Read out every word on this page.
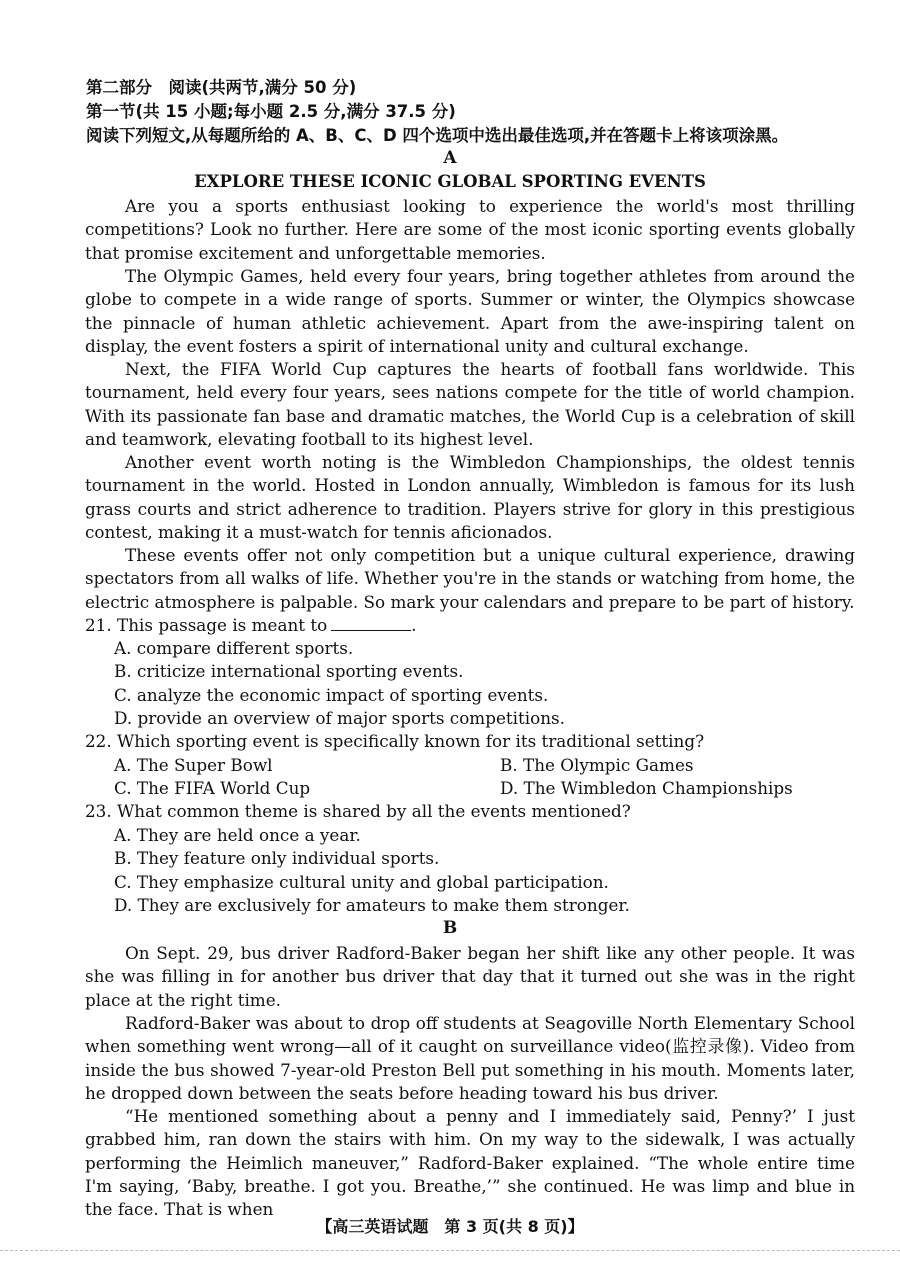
第二部分　阅读(共两节,满分 50 分)
第一节(共 15 小题;每小题 2.5 分,满分 37.5 分)
阅读下列短文,从每题所给的 A、B、C、D 四个选项中选出最佳选项,并在答题卡上将该项涂黑。
A
EXPLORE THESE ICONIC GLOBAL SPORTING EVENTS
Are you a sports enthusiast looking to experience the world's most thrilling competitions? Look no further. Here are some of the most iconic sporting events globally that promise excitement and unforgettable memories.
The Olympic Games, held every four years, bring together athletes from around the globe to compete in a wide range of sports. Summer or winter, the Olympics showcase the pinnacle of human athletic achievement. Apart from the awe-inspiring talent on display, the event fosters a spirit of international unity and cultural exchange.
Next, the FIFA World Cup captures the hearts of football fans worldwide. This tournament, held every four years, sees nations compete for the title of world champion. With its passionate fan base and dramatic matches, the World Cup is a celebration of skill and teamwork, elevating football to its highest level.
Another event worth noting is the Wimbledon Championships, the oldest tennis tournament in the world. Hosted in London annually, Wimbledon is famous for its lush grass courts and strict adherence to tradition. Players strive for glory in this prestigious contest, making it a must-watch for tennis aficionados.
These events offer not only competition but a unique cultural experience, drawing spectators from all walks of life. Whether you're in the stands or watching from home, the electric atmosphere is palpable. So mark your calendars and prepare to be part of history.
21. This passage is meant to	.
A. compare different sports.
B. criticize international sporting events.
C. analyze the economic impact of sporting events.
D. provide an overview of major sports competitions.
22. Which sporting event is specifically known for its traditional setting?
A. The Super Bowl	B. The Olympic Games
C. The FIFA World Cup	D. The Wimbledon Championships
23. What common theme is shared by all the events mentioned?
A. They are held once a year.
B. They feature only individual sports.
C. They emphasize cultural unity and global participation.
D. They are exclusively for amateurs to make them stronger.
B
On Sept. 29, bus driver Radford-Baker began her shift like any other people. It was she was filling in for another bus driver that day that it turned out she was in the right place at the right time.
Radford-Baker was about to drop off students at Seagoville North Elementary School when something went wrong—all of it caught on surveillance video(监控录像). Video from inside the bus showed 7-year-old Preston Bell put something in his mouth. Moments later, he dropped down between the seats before heading toward his bus driver.
“He mentioned something about a penny and I immediately said, Penny?’ I just grabbed him, ran down the stairs with him. On my way to the sidewalk, I was actually performing the Heimlich maneuver,” Radford-Baker explained. “The whole entire time I'm saying, ‘Baby, breathe. I got you. Breathe,’” she continued. He was limp and blue in the face. That is when
【高三英语试题　第 3 页(共 8 页)】
